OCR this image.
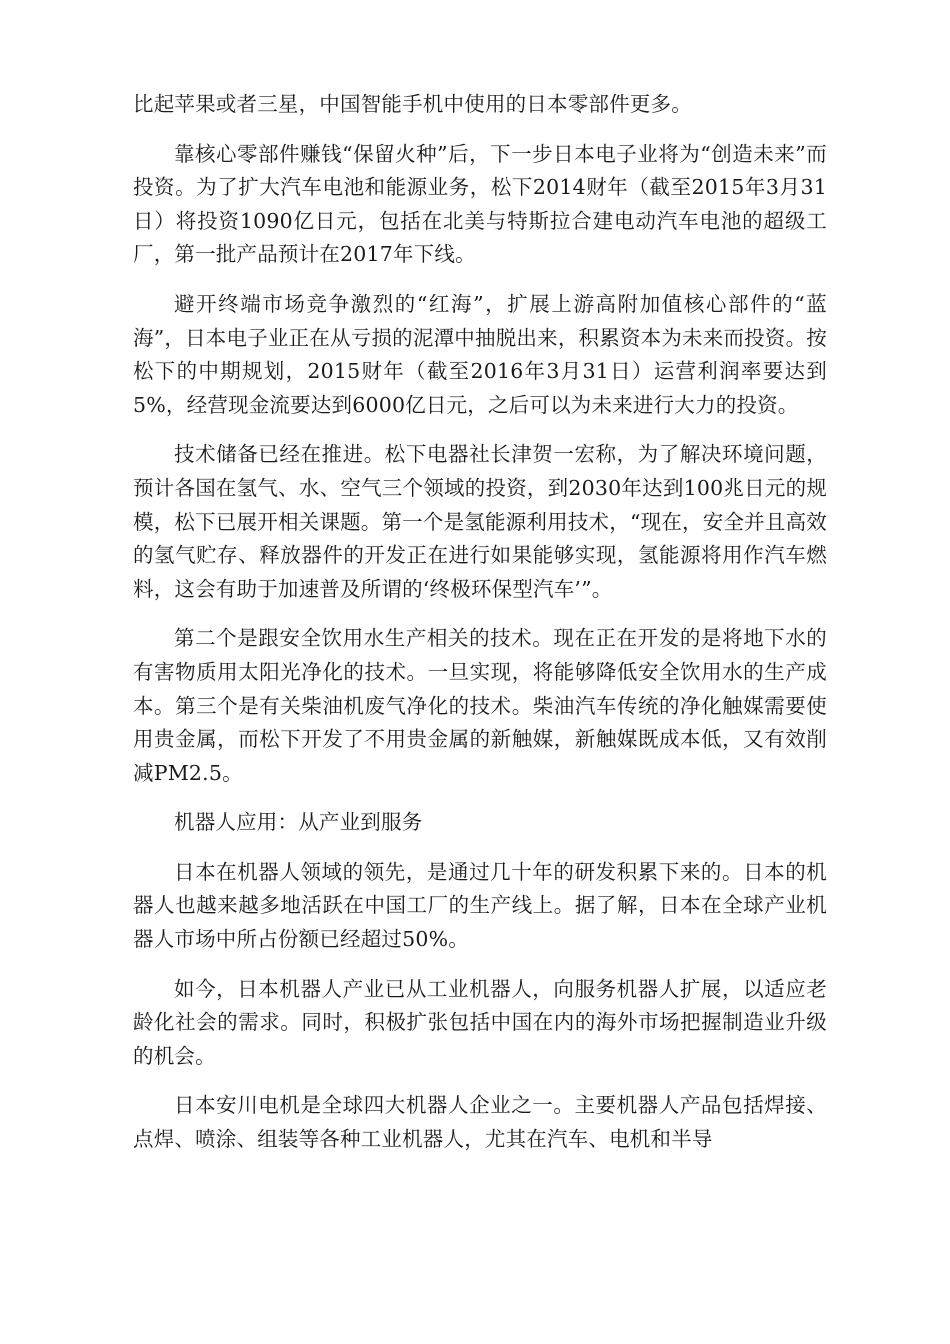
比起苹果或者三星，中国智能手机中使用的日本零部件更多。

靠核心零部件赚钱“保留火种”后，下一步日本电子业将为“创造未来”而投资。为了扩大汽车电池和能源业务，松下2014财年（截至2015年3月31日）将投资1090亿日元，包括在北美与特斯拉合建电动汽车电池的超级工厂，第一批产品预计在2017年下线。

避开终端市场竞争激烈的“红海”，扩展上游高附加值核心部件的“蓝海”，日本电子业正在从亏损的泥潭中抽脱出来，积累资本为未来而投资。按松下的中期规划，2015财年（截至2016年3月31日）运营利润率要达到5%，经营现金流要达到6000亿日元，之后可以为未来进行大力的投资。

技术储备已经在推进。松下电器社长津贺一宏称，为了解决环境问题，预计各国在氢气、水、空气三个领域的投资，到2030年达到100兆日元的规模，松下已展开相关课题。第一个是氢能源利用技术，“现在，安全并且高效的氢气贮存、释放器件的开发正在进行如果能够实现，氢能源将用作汽车燃料，这会有助于加速普及所谓的‘终极环保型汽车’”。

第二个是跟安全饮用水生产相关的技术。现在正在开发的是将地下水的有害物质用太阳光净化的技术。一旦实现，将能够降低安全饮用水的生产成本。第三个是有关柴油机废气净化的技术。柴油汽车传统的净化触媒需要使用贵金属，而松下开发了不用贵金属的新触媒，新触媒既成本低，又有效削减PM2.5。

机器人应用：从产业到服务

日本在机器人领域的领先，是通过几十年的研发积累下来的。日本的机器人也越来越多地活跃在中国工厂的生产线上。据了解，日本在全球产业机器人市场中所占份额已经超过50%。

如今，日本机器人产业已从工业机器人，向服务机器人扩展，以适应老龄化社会的需求。同时，积极扩张包括中国在内的海外市场把握制造业升级的机会。

日本安川电机是全球四大机器人企业之一。主要机器人产品包括焊接、点焊、喷涂、组装等各种工业机器人，尤其在汽车、电机和半导
